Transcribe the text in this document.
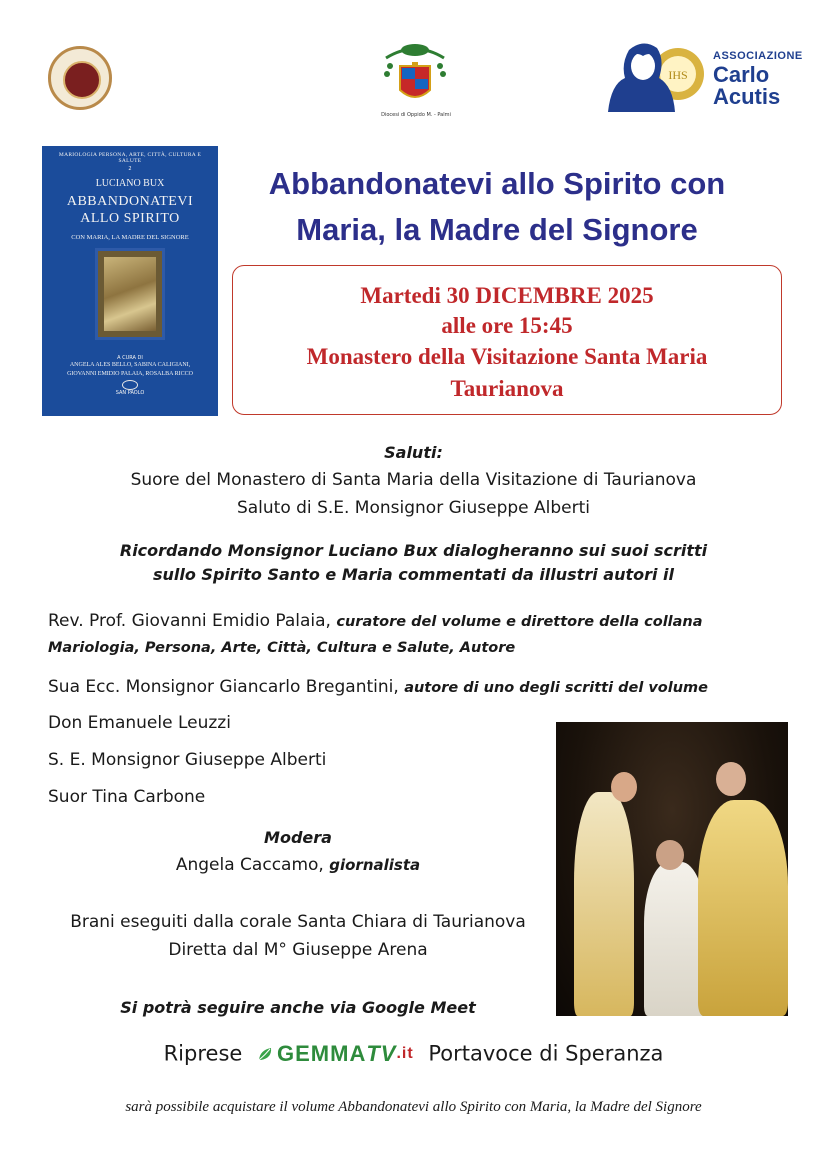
Diocesi di Oppido M. - Palmi
IHS
ASSOCIAZIONE
Carlo
Acutis
MARIOLOGIA PERSONA, ARTE, CITTÀ, CULTURA E SALUTE
2
LUCIANO BUX
ABBANDONATEVI
ALLO SPIRITO
CON MARIA, LA MADRE DEL SIGNORE
A CURA DI
ANGELA ALES BELLO, SABINA CALIGIANI,
GIOVANNI EMIDIO PALAIA, ROSALBA RICCO
SAN PAOLO
Abbandonatevi allo Spirito con
Maria, la Madre del Signore
Martedi 30 DICEMBRE 2025
alle ore 15:45
Monastero della Visitazione Santa Maria
Taurianova
Saluti:
Suore del Monastero di Santa Maria della Visitazione di Taurianova
Saluto di S.E. Monsignor Giuseppe Alberti
Ricordando Monsignor Luciano Bux dialogheranno sui suoi scritti
sullo Spirito Santo e Maria commentati da illustri autori il
Rev. Prof. Giovanni Emidio Palaia, curatore del volume e direttore della collana
Mariologia, Persona, Arte, Città, Cultura e Salute, Autore
Sua Ecc. Monsignor Giancarlo Bregantini, autore di uno degli scritti del volume
Don Emanuele Leuzzi
S. E. Monsignor Giuseppe Alberti
Suor Tina Carbone
Modera
Angela Caccamo, giornalista
Brani eseguiti dalla corale Santa Chiara di Taurianova
Diretta dal M° Giuseppe Arena
Si potrà seguire anche via Google Meet
Riprese GEMMATV.it Portavoce di Speranza
sarà possibile acquistare il volume Abbandonatevi allo Spirito con Maria, la Madre del Signore
